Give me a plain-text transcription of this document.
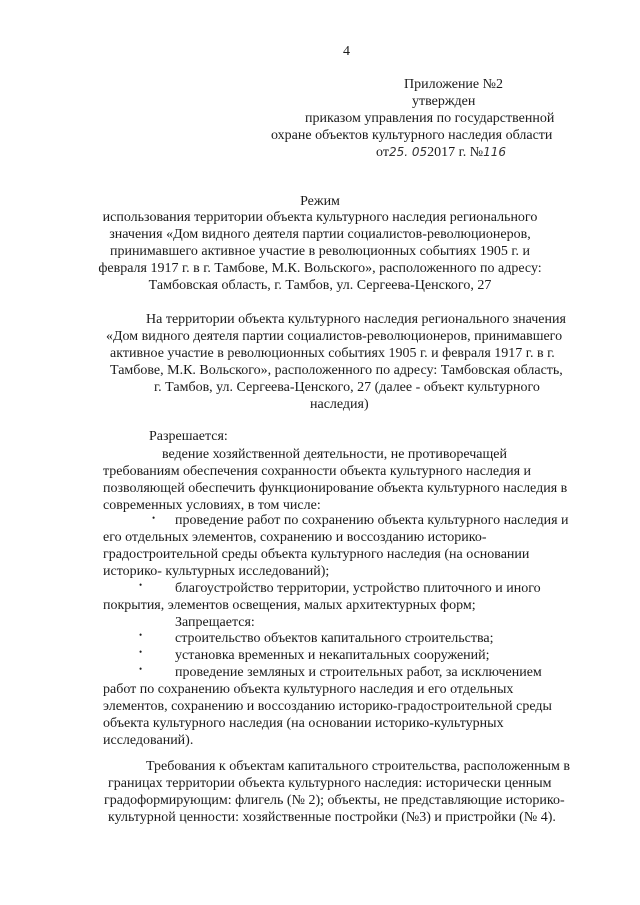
4
Приложение №2
утвержден
приказом управления по государственной
охране объектов культурного наследия области
от25. 052017 г. №116
Режим
использования территории объекта культурного наследия регионального
значения «Дом видного деятеля партии социалистов-революционеров,
принимавшего активное участие в революционных событиях 1905 г. и
февраля 1917 г. в г. Тамбове, М.К. Вольского», расположенного по адресу:
Тамбовская область, г. Тамбов, ул. Сергеева-Ценского, 27
На территории объекта культурного наследия регионального значения
«Дом видного деятеля партии социалистов-революционеров, принимавшего
активное участие в революционных событиях 1905 г. и февраля 1917 г. в г.
Тамбове, М.К. Вольского», расположенного по адресу: Тамбовская область,
г. Тамбов, ул. Сергеева-Ценского, 27 (далее - объект культурного
наследия)
Разрешается:
ведение хозяйственной деятельности, не противоречащей
требованиям обеспечения сохранности объекта культурного наследия и
позволяющей обеспечить функционирование объекта культурного наследия в
современных условиях, в том числе:
• проведение работ по сохранению объекта культурного наследия и
его отдельных элементов, сохранению и воссозданию историко-
градостроительной среды объекта культурного наследия (на основании
историко- культурных исследований);
• благоустройство территории, устройство плиточного и иного
покрытия, элементов освещения, малых архитектурных форм;
Запрещается:
• строительство объектов капитального строительства;
• установка временных и некапитальных сооружений;
• проведение земляных и строительных работ, за исключением
работ по сохранению объекта культурного наследия и его отдельных
элементов, сохранению и воссозданию историко-градостроительной среды
объекта культурного наследия (на основании историко-культурных
исследований).
Требования к объектам капитального строительства, расположенным в
границах территории объекта культурного наследия: исторически ценным
градоформирующим: флигель (№ 2); объекты, не представляющие историко-
культурной ценности: хозяйственные постройки (№3) и пристройки (№ 4).
